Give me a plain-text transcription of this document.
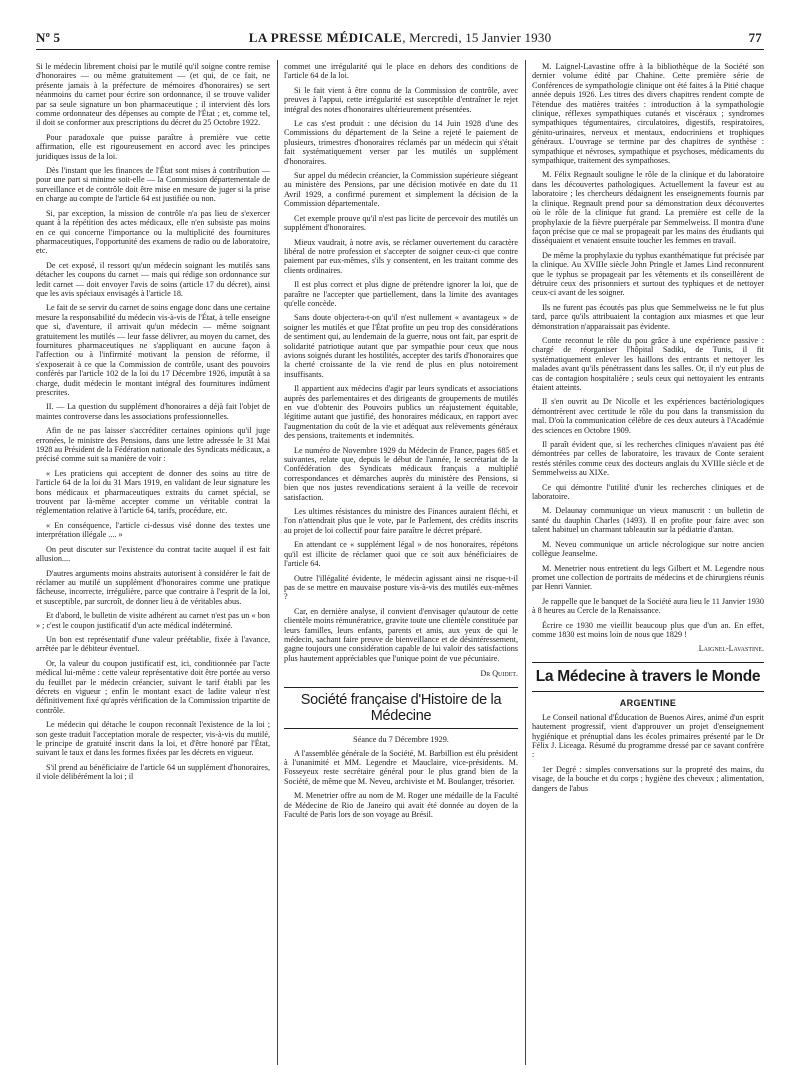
Nº 5	LA PRESSE MÉDICALE, Mercredi, 15 Janvier 1930	77

Si le médecin librement choisi par le mutilé qu'il soigne contre remise d'honoraires — ou même gratuitement — (et qui, de ce fait, ne présente jamais à la préfecture de mémoires d'honoraires) se sert néanmoins du carnet pour écrire son ordonnance, il se trouve valider par sa seule signature un bon pharmaceutique ; il intervient dès lors comme ordonnateur des dépenses au compte de l'État ; et, comme tel, il doit se conformer aux prescriptions du décret du 25 Octobre 1922.

Pour paradoxale que puisse paraître à première vue cette affirmation, elle est rigoureusement en accord avec les principes juridiques issus de la loi.

Dès l'instant que les finances de l'État sont mises à contribution — pour une part si minime soit-elle — la Commission départementale de surveillance et de contrôle doit être mise en mesure de juger si la prise en charge au compte de l'article 64 est justifiée ou non.

Si, par exception, la mission de contrôle n'a pas lieu de s'exercer quant à la répétition des actes médicaux, elle n'en subsiste pas moins en ce qui concerne l'importance ou la multiplicité des fournitures pharmaceutiques, l'opportunité des examens de radio ou de laboratoire, etc.

De cet exposé, il ressort qu'un médecin soignant les mutilés sans détacher les coupons du carnet — mais qui rédige son ordonnance sur ledit carnet — doit envoyer l'avis de soins (article 17 du décret), ainsi que les avis spéciaux envisagés à l'article 18.

Le fait de se servir du carnet de soins engage donc dans une certaine mesure la responsabilité du médecin vis-à-vis de l'État, à telle enseigne que si, d'aventure, il arrivait qu'un médecin — même soignant gratuitement les mutilés — leur fasse délivrer, au moyen du carnet, des fournitures pharmaceutiques ne s'appliquant en aucune façon à l'affection ou à l'infirmité motivant la pension de réforme, il s'exposerait à ce que la Commission de contrôle, usant des pouvoirs conférés par l'article 102 de la loi du 17 Décembre 1926, imputât à sa charge, dudit médecin le montant intégral des fournitures indûment prescrites.

II. — La question du supplément d'honoraires a déjà fait l'objet de maintes controverse dans les associations professionnelles.

Afin de ne pas laisser s'accréditer certaines opinions qu'il juge erronées, le ministre des Pensions, dans une lettre adressée le 31 Mai 1928 au Président de la Fédération nationale des Syndicats médicaux, a précisé comme suit sa manière de voir :

« Les praticiens qui acceptent de donner des soins au titre de l'article 64 de la loi du 31 Mars 1919, en validant de leur signature les bons médicaux et pharmaceutiques extraits du carnet spécial, se trouvent par là-même accepter comme un véritable contrat la réglementation relative à l'article 64, tarifs, procédure, etc.

« En conséquence, l'article ci-dessus visé donne des textes une interprétation illégale .... »

On peut discuter sur l'existence du contrat tacite auquel il est fait allusion....

D'autres arguments moins abstraits autorisent à considérer le fait de réclamer au mutilé un supplément d'honoraires comme une pratique fâcheuse, incorrecte, irrégulière, parce que contraire à l'esprit de la loi, et susceptible, par surcroît, de donner lieu à de véritables abus.

Et d'abord, le bulletin de visite adhérent au carnet n'est pas un « bon » ; c'est le coupon justificatif d'un acte médical indéterminé.

Un bon est représentatif d'une valeur préétablie, fixée à l'avance, arrêtée par le débiteur éventuel.

Or, la valeur du coupon justificatif est, ici, conditionnée par l'acte médical lui-même : cette valeur représentative doit être portée au verso du feuillet par le médecin créancier, suivant le tarif établi par les décrets en vigueur ; enfin le montant exact de ladite valeur n'est définitivement fixé qu'après vérification de la Commission tripartite de contrôle.

Le médecin qui détache le coupon reconnaît l'existence de la loi ; son geste traduit l'acceptation morale de respecter, vis-à-vis du mutilé, le principe de gratuité inscrit dans la loi, et d'être honoré par l'État, suivant le taux et dans les formes fixées par les décrets en vigueur.

S'il prend au bénéficiaire de l'article 64 un supplément d'honoraires, il viole délibérément la loi ; il

commet une irrégularité qui le place en dehors des conditions de l'article 64 de la loi.

Si le fait vient à être connu de la Commission de contrôle, avec preuves à l'appui, cette irrégularité est susceptible d'entraîner le rejet intégral des notes d'honoraires ultérieurement présentées.

Le cas s'est produit : une décision du 14 Juin 1928 d'une des Commissions du département de la Seine a rejeté le paiement de plusieurs, trimestres d'honoraires réclamés par un médecin qui s'était fait systématiquement verser par les mutilés un supplément d'honoraires.

Sur appel du médecin créancier, la Commission supérieure siégeant au ministère des Pensions, par une décision motivée en date du 11 Avril 1929, a confirmé purement et simplement la décision de la Commission départementale.

Cet exemple prouve qu'il n'est pas licite de percevoir des mutilés un supplément d'honoraires.

Mieux vaudrait, à notre avis, se réclamer ouvertement du caractère libéral de notre profession et s'accepter de soigner ceux-ci que contre paiement par eux-mêmes, s'ils y consentent, en les traitant comme des clients ordinaires.

Il est plus correct et plus digne de prétendre ignorer la loi, que de paraître ne l'accepter que partiellement, dans la limite des avantages qu'elle concède.

Sans doute objectera-t-on qu'il n'est nullement « avantageux » de soigner les mutilés et que l'État profite un peu trop des considérations de sentiment qui, au lendemain de la guerre, nous ont fait, par esprit de solidarité patriotique autant que par sympathie pour ceux que nous avions soignés durant les hostilités, accepter des tarifs d'honoraires que la cherté croissante de la vie rend de plus en plus notoirement insuffisants.

Il appartient aux médecins d'agir par leurs syndicats et associations auprès des parlementaires et des dirigeants de groupements de mutilés en vue d'obtenir des Pouvoirs publics un réajustement équitable, légitime autant que justifié, des honoraires médicaux, en rapport avec l'augmentation du coût de la vie et adéquat aux relèvements généraux des pensions, traitements et indemnités.

Le numéro de Novembre 1929 du Médecin de France, pages 685 et suivantes, relate que, depuis le début de l'année, le secrétariat de la Confédération des Syndicats médicaux français a multiplié correspondances et démarches auprès du ministère des Pensions, si bien que nos justes revendications seraient à la veille de recevoir satisfaction.

Les ultimes résistances du ministre des Finances auraient fléchi, et l'on n'attendrait plus que le vote, par le Parlement, des crédits inscrits au projet de loi collectif pour faire paraître le décret préparé.

En attendant ce « supplément légal » de nos honoraires, répétons qu'il est illicite de réclamer quoi que ce soit aux bénéficiaires de l'article 64.

Outre l'illégalité évidente, le médecin agissant ainsi ne risque-t-il pas de se mettre en mauvaise posture vis-à-vis des mutilés eux-mêmes ?

Car, en dernière analyse, il convient d'envisager qu'autour de cette clientèle moins rémunératrice, gravite toute une clientèle constituée par leurs familles, leurs enfants, parents et amis, aux yeux de qui le médecin, sachant faire preuve de bienveillance et de désintéressement, gagne toujours une considération capable de lui valoir des satisfactions plus hautement appréciables que l'unique point de vue pécuniaire.

Dr Quidet.

Société française d'Histoire de la Médecine
Séance du 7 Décembre 1929.

A l'assemblée générale de la Société, M. Barbillion est élu président à l'unanimité et MM. Legendre et Mauclaire, vice-présidents. M. Fosseyeux reste secrétaire général pour le plus grand bien de la Société, de même que M. Neveu, archiviste et M. Boulanger, trésorier.

M. Menetrier offre au nom de M. Roger une médaille de la Faculté de Médecine de Rio de Janeiro qui avait été donnée au doyen de la Faculté de Paris lors de son voyage au Brésil.

M. Laignel-Lavastine offre à la bibliothèque de la Société son dernier volume édité par Chahine. Cette première série de Conférences de sympathologie clinique ont été faites à la Pitié chaque année depuis 1926. Les titres des divers chapitres rendent compte de l'étendue des matières traitées : introduction à la sympathologie clinique, réflexes sympathiques cutanés et viscéraux ; syndromes sympathiques tégumentaires, circulatoires, digestifs, respiratoires, génito-urinaires, nerveux et mentaux, endocriniens et trophiques généraux. L'ouvrage se termine par des chapitres de synthèse : sympathique et névroses, sympathique et psychoses, médicaments du sympathique, traitement des sympathoses.

M. Félix Regnault souligne le rôle de la clinique et du laboratoire dans les découvertes pathologiques. Actuellement la faveur est au laboratoire ; les chercheurs dédaignent les enseignements fournis par la clinique. Regnault prend pour sa démonstration deux découvertes où le rôle de la clinique fut grand. La première est celle de la prophylaxie de la fièvre puerpérale par Semmelweiss. Il montra d'une façon précise que ce mal se propageait par les mains des étudiants qui disséquaient et venaient ensuite toucher les femmes en travail.

De même la prophylaxie du typhus exanthématique fut précisée par la clinique. Au XVIIIe siècle John Pringle et James Lind reconnurent que le typhus se propageait par les vêtements et ils conseillèrent de détruire ceux des prisonniers et surtout des typhiques et de nettoyer ceux-ci avant de les soigner.

Ils ne furent pas écoutés pas plus que Semmelweiss ne le fut plus tard, parce qu'ils attribuaient la contagion aux miasmes et que leur démonstration n'apparaissait pas évidente.

Conte reconnut le rôle du pou grâce à une expérience passive : chargé de réorganiser l'hôpital Sadiki, de Tunis, il fit systématiquement enlever les haillons des entrants et nettoyer les malades avant qu'ils pénétrassent dans les salles. Or, il n'y eut plus de cas de contagion hospitalière ; seuls ceux qui nettoyaient les entrants étaient atteints.

Il s'en ouvrit au Dr Nicolle et les expériences bactériologiques démontrèrent avec certitude le rôle du pou dans la transmission du mal. D'où la communication célèbre de ces deux auteurs à l'Académie des sciences en Octobre 1909.

Il paraît évident que, si les recherches cliniques n'avaient pas été démontrées par celles de laboratoire, les travaux de Conte seraient restés stériles comme ceux des docteurs anglais du XVIIIe siècle et de Semmelweiss au XIXe.

Ce qui démontre l'utilité d'unir les recherches cliniques et de laboratoire.

M. Delaunay communique un vieux manuscrit : un bulletin de santé du dauphin Charles (1493). Il en profite pour faire avec son talent habituel un charmant tableautin sur la pédiatrie d'antan.

M. Neveu communique un article nécrologique sur notre ancien collègue Jeanselme.

M. Menetrier nous entretient du legs Gilbert et M. Legendre nous promet une collection de portraits de médecins et de chirurgiens réunis par Henri Vannier.

Je rappelle que le banquet de la Société aura lieu le 11 Janvier 1930 à 8 heures au Cercle de la Renaissance.

Écrire ce 1930 me vieillit beaucoup plus que d'un an. En effet, comme 1830 est moins loin de nous que 1829 !

Laignel-Lavastine.

La Médecine à travers le Monde
ARGENTINE

Le Conseil national d'Éducation de Buenos Aires, animé d'un esprit hautement progressif, vient d'approuver un projet d'enseignement hygiénique et prénuptial dans les écoles primaires présenté par le Dr Félix J. Liceaga. Résumé du programme dressé par ce savant confrère :

1er Degré : simples conversations sur la propreté des mains, du visage, de la bouche et du corps ; hygiène des cheveux ; alimentation, dangers de l'abus
